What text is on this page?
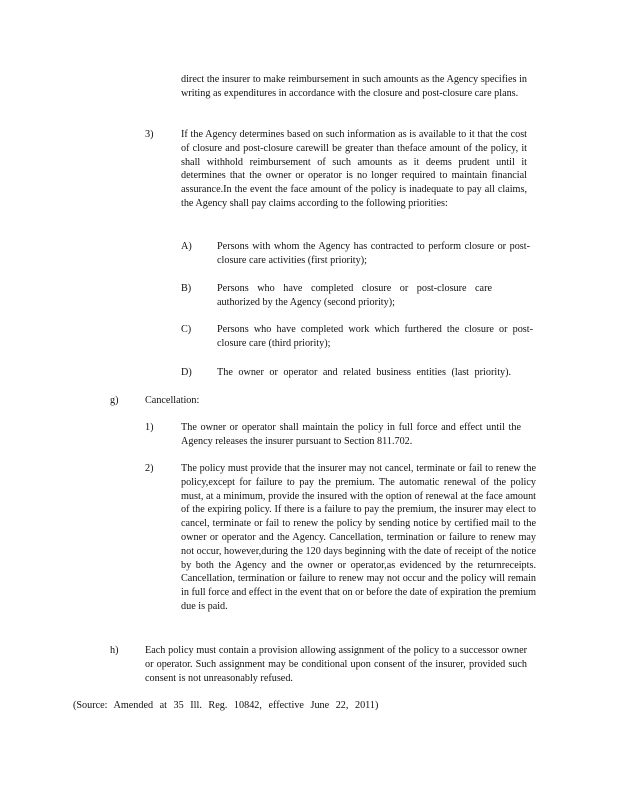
direct the insurer to make reimbursement in such amounts as the Agency specifies in writing as expenditures in accordance with the closure and post-closure care plans.

3)	If the Agency determines based on such information as is available to it that the cost of closure and post-closure carewill be greater than theface amount of the policy, it shall withhold reimbursement of such amounts as it deems prudent until it determines that the owner or operator is no longer required to maintain financial assurance.In the event the face amount of the policy is inadequate to pay all claims, the Agency shall pay claims according to the following priorities:

A) Persons with whom the Agency has contracted to perform closure or post-closure care activities (first priority);

B)	Persons who have completed closure or post-closure care authorized by the Agency (second priority);

C)	Persons who have completed work which furthered the closure or post-closure care (third priority);

D) The owner or operator and related business entities (last priority).

g)	Cancellation:

1)	The owner or operator shall maintain the policy in full force and effect until the Agency releases the insurer pursuant to Section 811.702.

2)	The policy must provide that the insurer may not cancel, terminate or fail to renew the policy,except for failure to pay the premium. The automatic renewal of the policy must, at a minimum, provide the insured with the option of renewal at the face amount of the expiring policy. If there is a failure to pay the premium, the insurer may elect to cancel, terminate or fail to renew the policy by sending notice by certified mail to the owner or operator and the Agency. Cancellation, termination or failure to renew may not occur, however,during the 120 days beginning with the date of receipt of the notice by both the Agency and the owner or operator,as evidenced by the returnreceipts. Cancellation, termination or failure to renew may not occur and the policy will remain in full force and effect in the event that on or before the date of expiration the premium due is paid.

h)	Each policy must contain a provision allowing assignment of the policy to a successor owner or operator. Such assignment may be conditional upon consent of the insurer, provided such consent is not unreasonably refused.

(Source: Amended at 35 Ill. Reg. 10842, effective June 22, 2011)
